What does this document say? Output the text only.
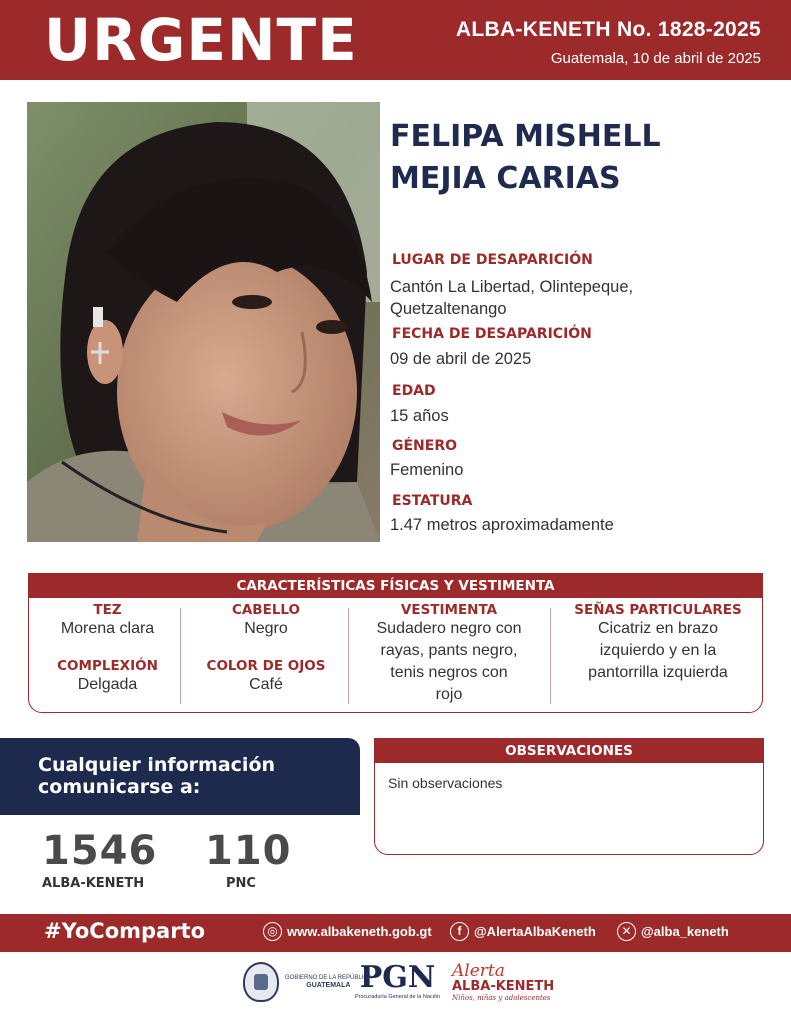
URGENTE	ALBA-KENETH No. 1828-2025
Guatemala, 10 de abril de 2025
FELIPA MISHELL
MEJIA CARIAS
LUGAR DE DESAPARICIÓN
Cantón La Libertad, Olintepeque,
Quetzaltenango
FECHA DE DESAPARICIÓN
09 de abril de 2025
EDAD
15 años
GÉNERO
Femenino
ESTATURA
1.47 metros aproximadamente
CARACTERÍSTICAS FÍSICAS Y VESTIMENTA
TEZ
Morena clara
COMPLEXIÓN
Delgada
CABELLO
Negro
COLOR DE OJOS
Café
VESTIMENTA
Sudadero negro con
rayas, pants negro,
tenis negros con
rojo
SEÑAS PARTICULARES
Cicatriz en brazo
izquierdo y en la
pantorrilla izquierda
Cualquier información
comunicarse a:
1546
ALBA-KENETH
110
PNC
OBSERVACIONES
Sin observaciones
#YoComparto	◎ www.albakeneth.gob.gt	f @AlertaAlbaKeneth	✕ @alba_keneth
GOBIERNO DE LA REPÚBLICA
GUATEMALA PGN
Procuraduría General de la Nación
Alerta
ALBA-KENETH
Niños, niñas y adolescentes
